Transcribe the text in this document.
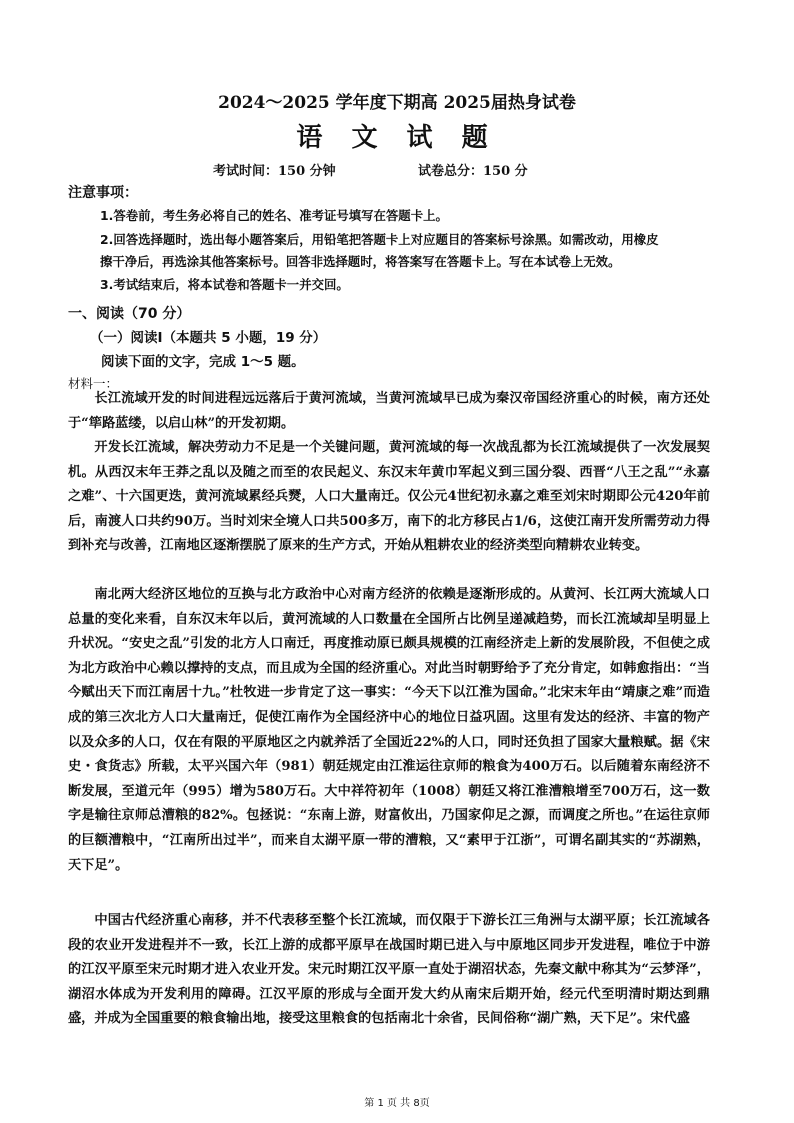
2024～2025 学年度下期高 2025届热身试卷
语 文 试 题
考试时间：150 分钟	试卷总分：150 分
注意事项：
1.答卷前，考生务必将自己的姓名、准考证号填写在答题卡上。
2.回答选择题时，选出每小题答案后，用铅笔把答题卡上对应题目的答案标号涂黑。如需改动，用橡皮
擦干净后，再选涂其他答案标号。回答非选择题时，将答案写在答题卡上。写在本试卷上无效。
3.考试结束后，将本试卷和答题卡一并交回。
一、阅读（70 分）
（一）阅读Ⅰ（本题共 5 小题，19 分）
阅读下面的文字，完成 1～5 题。
材料一：

长江流域开发的时间进程远远落后于黄河流域，当黄河流域早已成为秦汉帝国经济重心的时候，南方还处于“筚路蓝缕，以启山林”的开发初期。

开发长江流域，解决劳动力不足是一个关键问题，黄河流域的每一次战乱都为长江流域提供了一次发展契机。从西汉末年王莽之乱以及随之而至的农民起义、东汉末年黄巾军起义到三国分裂、西晋“八王之乱”“永嘉之难”、十六国更迭，黄河流域累经兵燹，人口大量南迁。仅公元4世纪初永嘉之难至刘宋时期即公元420年前后，南渡人口共约90万。当时刘宋全境人口共500多万，南下的北方移民占1/6，这使江南开发所需劳动力得到补充与改善，江南地区逐渐摆脱了原来的生产方式，开始从粗耕农业的经济类型向精耕农业转变。

南北两大经济区地位的互换与北方政治中心对南方经济的依赖是逐渐形成的。从黄河、长江两大流域人口总量的变化来看，自东汉末年以后，黄河流域的人口数量在全国所占比例呈递减趋势，而长江流域却呈明显上升状况。“安史之乱”引发的北方人口南迁，再度推动原已颇具规模的江南经济走上新的发展阶段，不但使之成为北方政治中心赖以撑持的支点，而且成为全国的经济重心。对此当时朝野给予了充分肯定，如韩愈指出：“当今赋出天下而江南居十九。”杜牧进一步肯定了这一事实：“今天下以江淮为国命。”北宋末年由“靖康之难”而造成的第三次北方人口大量南迁，促使江南作为全国经济中心的地位日益巩固。这里有发达的经济、丰富的物产以及众多的人口，仅在有限的平原地区之内就养活了全国近22%的人口，同时还负担了国家大量粮赋。据《宋史・食货志》所载，太平兴国六年（981）朝廷规定由江淮运往京师的粮食为400万石。以后随着东南经济不断发展，至道元年（995）增为580万石。大中祥符初年（1008）朝廷又将江淮漕粮增至700万石，这一数字是输往京师总漕粮的82%。包拯说：“东南上游，财富攸出，乃国家仰足之源，而调度之所也。”在运往京师的巨额漕粮中，“江南所出过半”，而来自太湖平原一带的漕粮，又“素甲于江浙”，可谓名副其实的“苏湖熟，天下足”。

中国古代经济重心南移，并不代表移至整个长江流域，而仅限于下游长江三角洲与太湖平原；长江流域各段的农业开发进程并不一致，长江上游的成都平原早在战国时期已进入与中原地区同步开发进程，唯位于中游的江汉平原至宋元时期才进入农业开发。宋元时期江汉平原一直处于湖沼状态，先秦文献中称其为“云梦泽”，湖沼水体成为开发利用的障碍。江汉平原的形成与全面开发大约从南宋后期开始，经元代至明清时期达到鼎盛，并成为全国重要的粮食输出地，接受这里粮食的包括南北十余省，民间俗称“湖广熟，天下足”。宋代盛

第 1 页 共 8页
